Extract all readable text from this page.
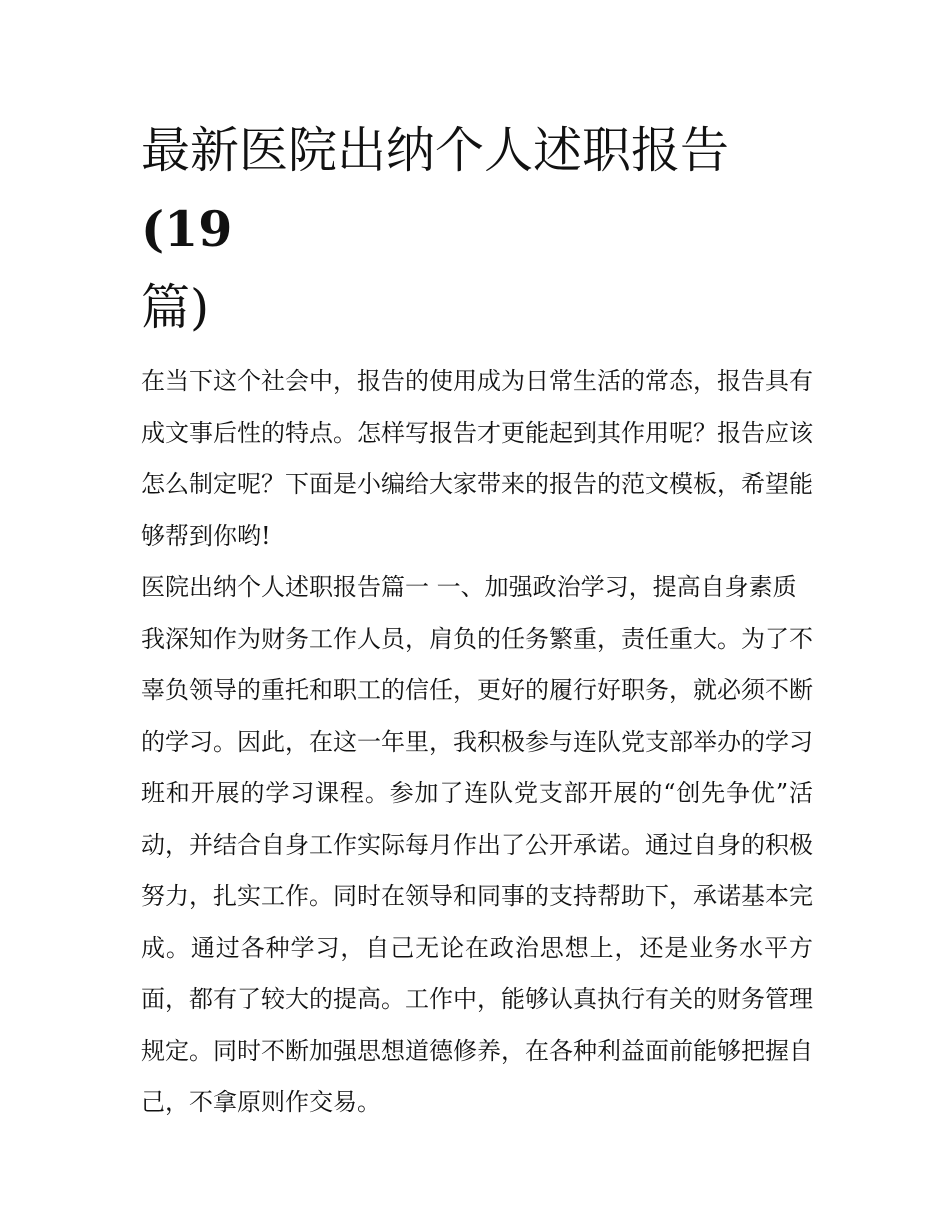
最新医院出纳个人述职报告(19
篇)

在当下这个社会中，报告的使用成为日常生活的常态，报告具有成文事后性的特点。怎样写报告才更能起到其作用呢？报告应该怎么制定呢？下面是小编给大家带来的报告的范文模板，希望能够帮到你哟!

医院出纳个人述职报告篇一 一、加强政治学习，提高自身素质

我深知作为财务工作人员，肩负的任务繁重，责任重大。为了不辜负领导的重托和职工的信任，更好的履行好职务，就必须不断的学习。因此，在这一年里，我积极参与连队党支部举办的学习班和开展的学习课程。参加了连队党支部开展的“创先争优”活动，并结合自身工作实际每月作出了公开承诺。通过自身的积极努力，扎实工作。同时在领导和同事的支持帮助下，承诺基本完成。通过各种学习，自己无论在政治思想上，还是业务水平方面，都有了较大的提高。工作中，能够认真执行有关的财务管理规定。同时不断加强思想道德修养，在各种利益面前能够把握自己，不拿原则作交易。
